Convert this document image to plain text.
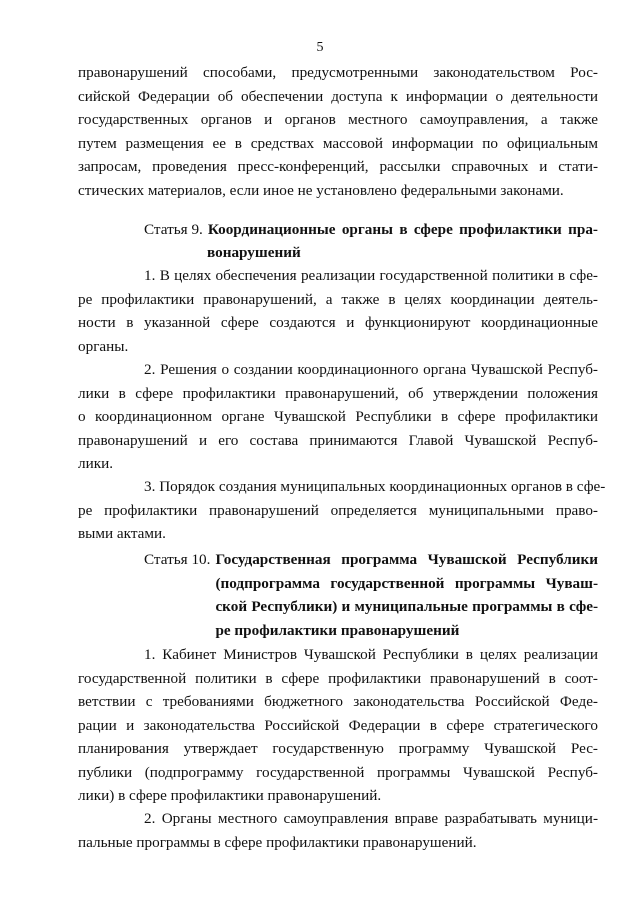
5
правонарушений способами, предусмотренными законодательством Рос-
сийской Федерации об обеспечении доступа к информации о деятельности
государственных органов и органов местного самоуправления, а также
путем размещения ее в средствах массовой информации по официальным
запросам, проведения пресс-конференций, рассылки справочных и стати-
стических материалов, если иное не установлено федеральными законами.
Статья 9. Координационные органы в сфере профилактики пра-
вонарушений
1. В целях обеспечения реализации государственной политики в сфе-
ре профилактики правонарушений, а также в целях координации деятель-
ности в указанной сфере создаются и функционируют координационные
органы.
2. Решения о создании координационного органа Чувашской Респуб-
лики в сфере профилактики правонарушений, об утверждении положения
о координационном органе Чувашской Республики в сфере профилактики
правонарушений и его состава принимаются Главой Чувашской Респуб-
лики.
3. Порядок создания муниципальных координационных органов в сфе-
ре профилактики правонарушений определяется муниципальными право-
выми актами.
Статья 10. Государственная программа Чувашской Республики
(подпрограмма государственной программы Чуваш-
ской Республики) и муниципальные программы в сфе-
ре профилактики правонарушений
1. Кабинет Министров Чувашской Республики в целях реализации
государственной политики в сфере профилактики правонарушений в соот-
ветствии с требованиями бюджетного законодательства Российской Феде-
рации и законодательства Российской Федерации в сфере стратегического
планирования утверждает государственную программу Чувашской Рес-
публики (подпрограмму государственной программы Чувашской Респуб-
лики) в сфере профилактики правонарушений.
2. Органы местного самоуправления вправе разрабатывать муници-
пальные программы в сфере профилактики правонарушений.
